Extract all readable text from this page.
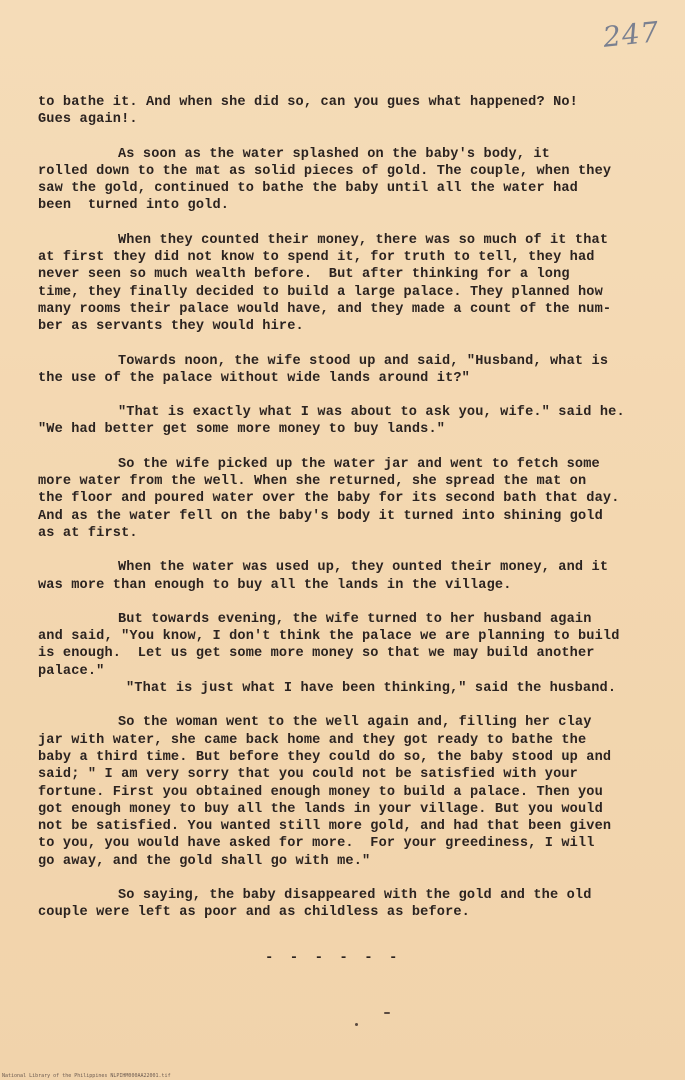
247

to bathe it. And when she did so, can you gues what happened? No!
Gues again!.

As soon as the water splashed on the baby's body, it
rolled down to the mat as solid pieces of gold. The couple, when they
saw the gold, continued to bathe the baby until all the water had
been  turned into gold.

When they counted their money, there was so much of it that
at first they did not know to spend it, for truth to tell, they had
never seen so much wealth before.  But after thinking for a long
time, they finally decided to build a large palace. They planned how
many rooms their palace would have, and they made a count of the num-
ber as servants they would hire.

Towards noon, the wife stood up and said, "Husband, what is
the use of the palace without wide lands around it?"

"That is exactly what I was about to ask you, wife." said he.
"We had better get some more money to buy lands."

So the wife picked up the water jar and went to fetch some
more water from the well. When she returned, she spread the mat on
the floor and poured water over the baby for its second bath that day.
And as the water fell on the baby's body it turned into shining gold
as at first.

When the water was used up, they ounted their money, and it
was more than enough to buy all the lands in the village.

But towards evening, the wife turned to her husband again
and said, "You know, I don't think the palace we are planning to build
is enough.  Let us get some more money so that we may build another
palace."

"That is just what I have been thinking," said the husband.

So the woman went to the well again and, filling her clay
jar with water, she came back home and they got ready to bathe the
baby a third time. But before they could do so, the baby stood up and
said; " I am very sorry that you could not be satisfied with your
fortune. First you obtained enough money to build a palace. Then you
got enough money to buy all the lands in your village. But you would
not be satisfied. You wanted still more gold, and had that been given
to you, you would have asked for more.  For your greediness, I will
go away, and the gold shall go with me."

So saying, the baby disappeared with the gold and the old
couple were left as poor and as childless as before.

- - - - - -
National Library of the Philippines NLPIHM000AA22001.tif
